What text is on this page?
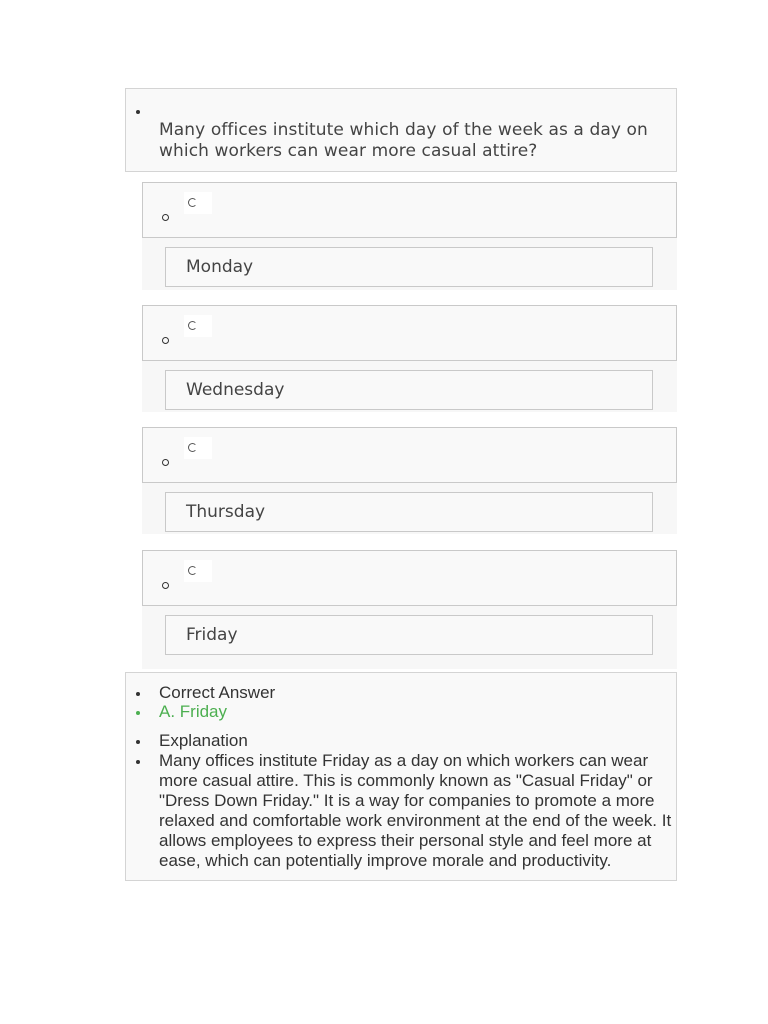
Many offices institute which day of the week as a day on which workers can wear more casual attire?
Monday
Wednesday
Thursday
Friday
Correct Answer
A. Friday
Explanation
Many offices institute Friday as a day on which workers can wear more casual attire. This is commonly known as "Casual Friday" or "Dress Down Friday." It is a way for companies to promote a more relaxed and comfortable work environment at the end of the week. It allows employees to express their personal style and feel more at ease, which can potentially improve morale and productivity.
